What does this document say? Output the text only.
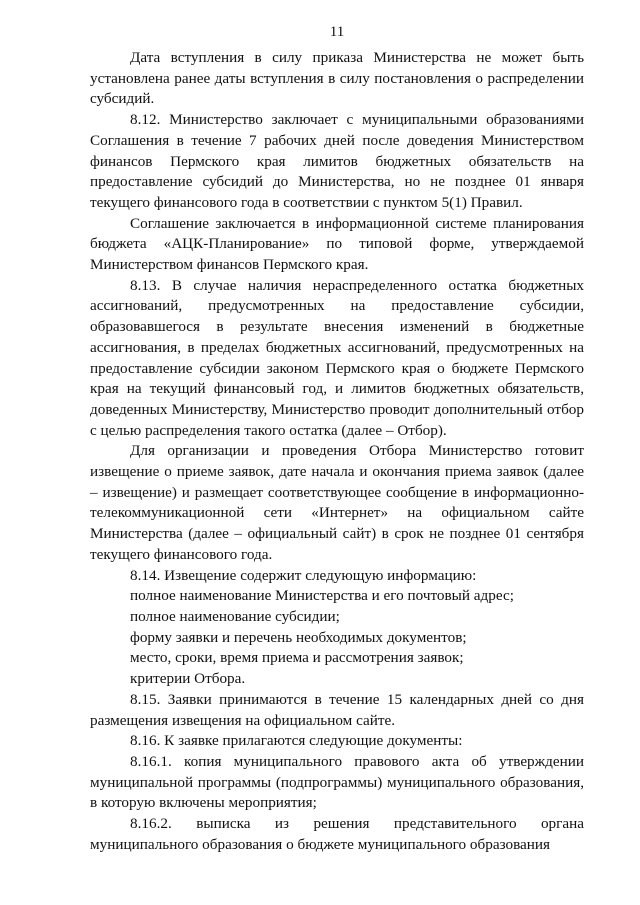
11

Дата вступления в силу приказа Министерства не может быть установлена ранее даты вступления в силу постановления о распределении субсидий.

8.12. Министерство заключает с муниципальными образованиями Соглашения в течение 7 рабочих дней после доведения Министерством финансов Пермского края лимитов бюджетных обязательств на предоставление субсидий до Министерства, но не позднее 01 января текущего финансового года в соответствии с пунктом 5(1) Правил.

Соглашение заключается в информационной системе планирования бюджета «АЦК-Планирование» по типовой форме, утверждаемой Министерством финансов Пермского края.

8.13. В случае наличия нераспределенного остатка бюджетных ассигнований, предусмотренных на предоставление субсидии, образовавшегося в результате внесения изменений в бюджетные ассигнования, в пределах бюджетных ассигнований, предусмотренных на предоставление субсидии законом Пермского края о бюджете Пермского края на текущий финансовый год, и лимитов бюджетных обязательств, доведенных Министерству, Министерство проводит дополнительный отбор с целью распределения такого остатка (далее – Отбор).

Для организации и проведения Отбора Министерство готовит извещение о приеме заявок, дате начала и окончания приема заявок (далее – извещение) и размещает соответствующее сообщение в информационно-телекоммуникационной сети «Интернет» на официальном сайте Министерства (далее – официальный сайт) в срок не позднее 01 сентября текущего финансового года.

8.14. Извещение содержит следующую информацию:

полное наименование Министерства и его почтовый адрес;

полное наименование субсидии;

форму заявки и перечень необходимых документов;

место, сроки, время приема и рассмотрения заявок;

критерии Отбора.

8.15. Заявки принимаются в течение 15 календарных дней со дня размещения извещения на официальном сайте.

8.16. К заявке прилагаются следующие документы:

8.16.1. копия муниципального правового акта об утверждении муниципальной программы (подпрограммы) муниципального образования, в которую включены мероприятия;

8.16.2. выписка из решения представительного органа муниципального образования о бюджете муниципального образования
